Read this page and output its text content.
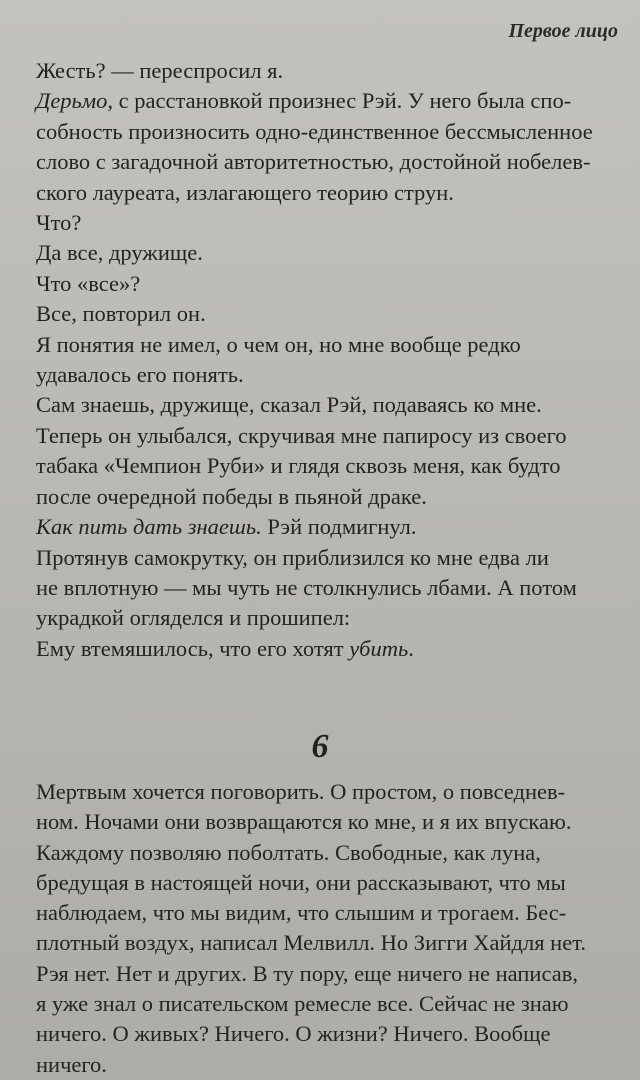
Первое лицо
Жесть? — переспросил я.
Дерьмо, с расстановкой произнес Рэй. У него была спо-
собность произносить одно-единственное бессмысленное
слово с загадочной авторитетностью, достойной нобелев-
ского лауреата, излагающего теорию струн.
Что?
Да все, дружище.
Что «все»?
Все, повторил он.
Я понятия не имел, о чем он, но мне вообще редко
удавалось его понять.
Сам знаешь, дружище, сказал Рэй, подаваясь ко мне.
Теперь он улыбался, скручивая мне папиросу из своего
табака «Чемпион Руби» и глядя сквозь меня, как будто
после очередной победы в пьяной драке.
Как пить дать знаешь. Рэй подмигнул.
Протянув самокрутку, он приблизился ко мне едва ли
не вплотную — мы чуть не столкнулись лбами. А потом
украдкой огляделся и прошипел:
Ему втемяшилось, что его хотят убить.
6
Мертвым хочется поговорить. О простом, о повседнев-
ном. Ночами они возвращаются ко мне, и я их впускаю.
Каждому позволяю поболтать. Свободные, как луна,
бредущая в настоящей ночи, они рассказывают, что мы
наблюдаем, что мы видим, что слышим и трогаем. Бес-
плотный воздух, написал Мелвилл. Но Зигги Хайдля нет.
Рэя нет. Нет и других. В ту пору, еще ничего не написав,
я уже знал о писательском ремесле все. Сейчас не знаю
ничего. О живых? Ничего. О жизни? Ничего. Вообще
ничего.
